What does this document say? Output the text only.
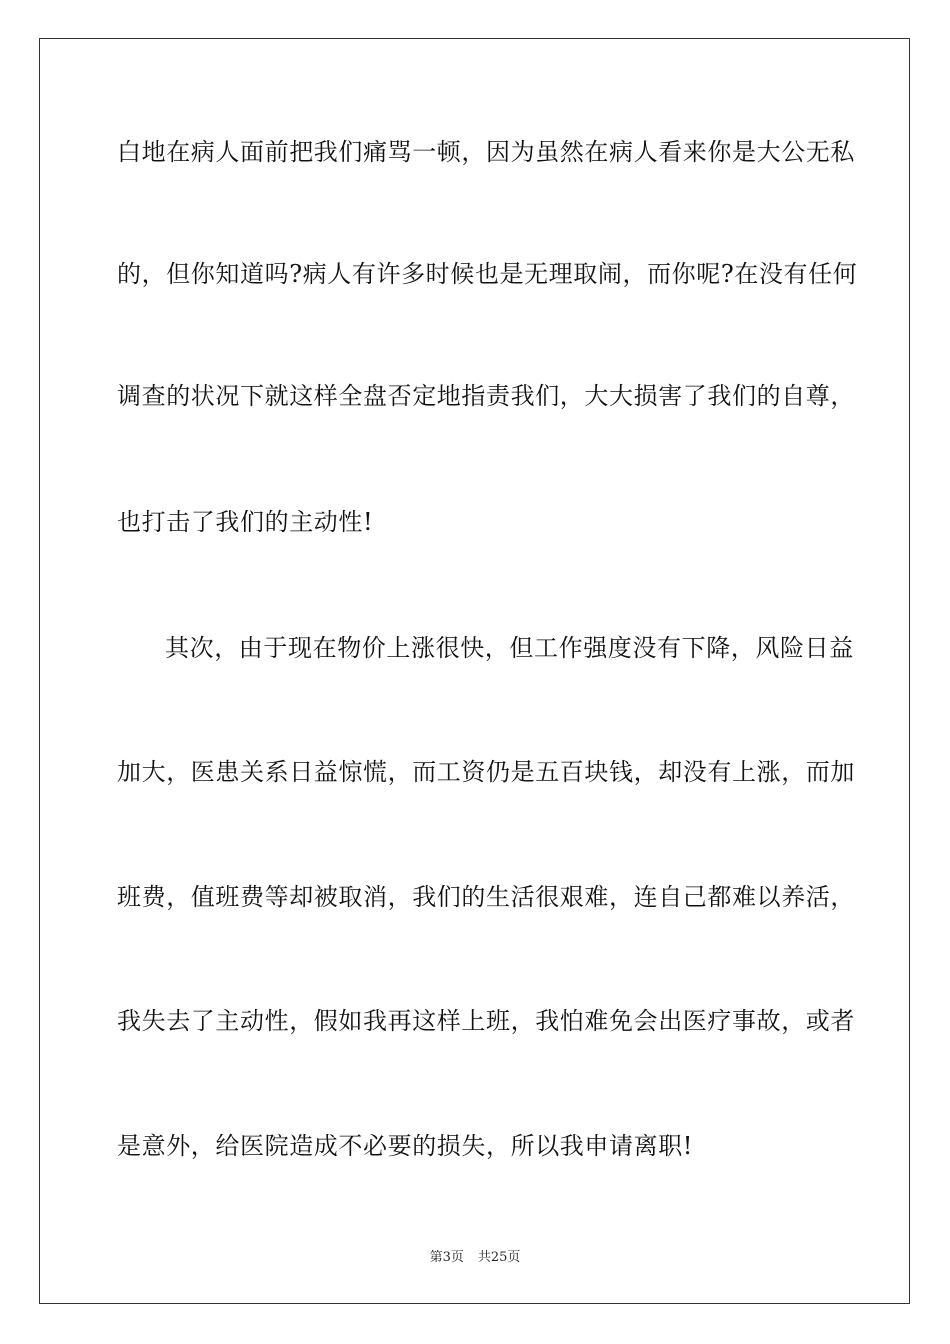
白地在病人面前把我们痛骂一顿，因为虽然在病人看来你是大公无私
的，但你知道吗?病人有许多时候也是无理取闹，而你呢?在没有任何
调查的状况下就这样全盘否定地指责我们，大大损害了我们的自尊，
也打击了我们的主动性!
其次，由于现在物价上涨很快，但工作强度没有下降，风险日益
加大，医患关系日益惊慌，而工资仍是五百块钱，却没有上涨，而加
班费，值班费等却被取消，我们的生活很艰难，连自己都难以养活，
我失去了主动性，假如我再这样上班，我怕难免会出医疗事故，或者
是意外，给医院造成不必要的损失，所以我申请离职!
第3页 共25页
